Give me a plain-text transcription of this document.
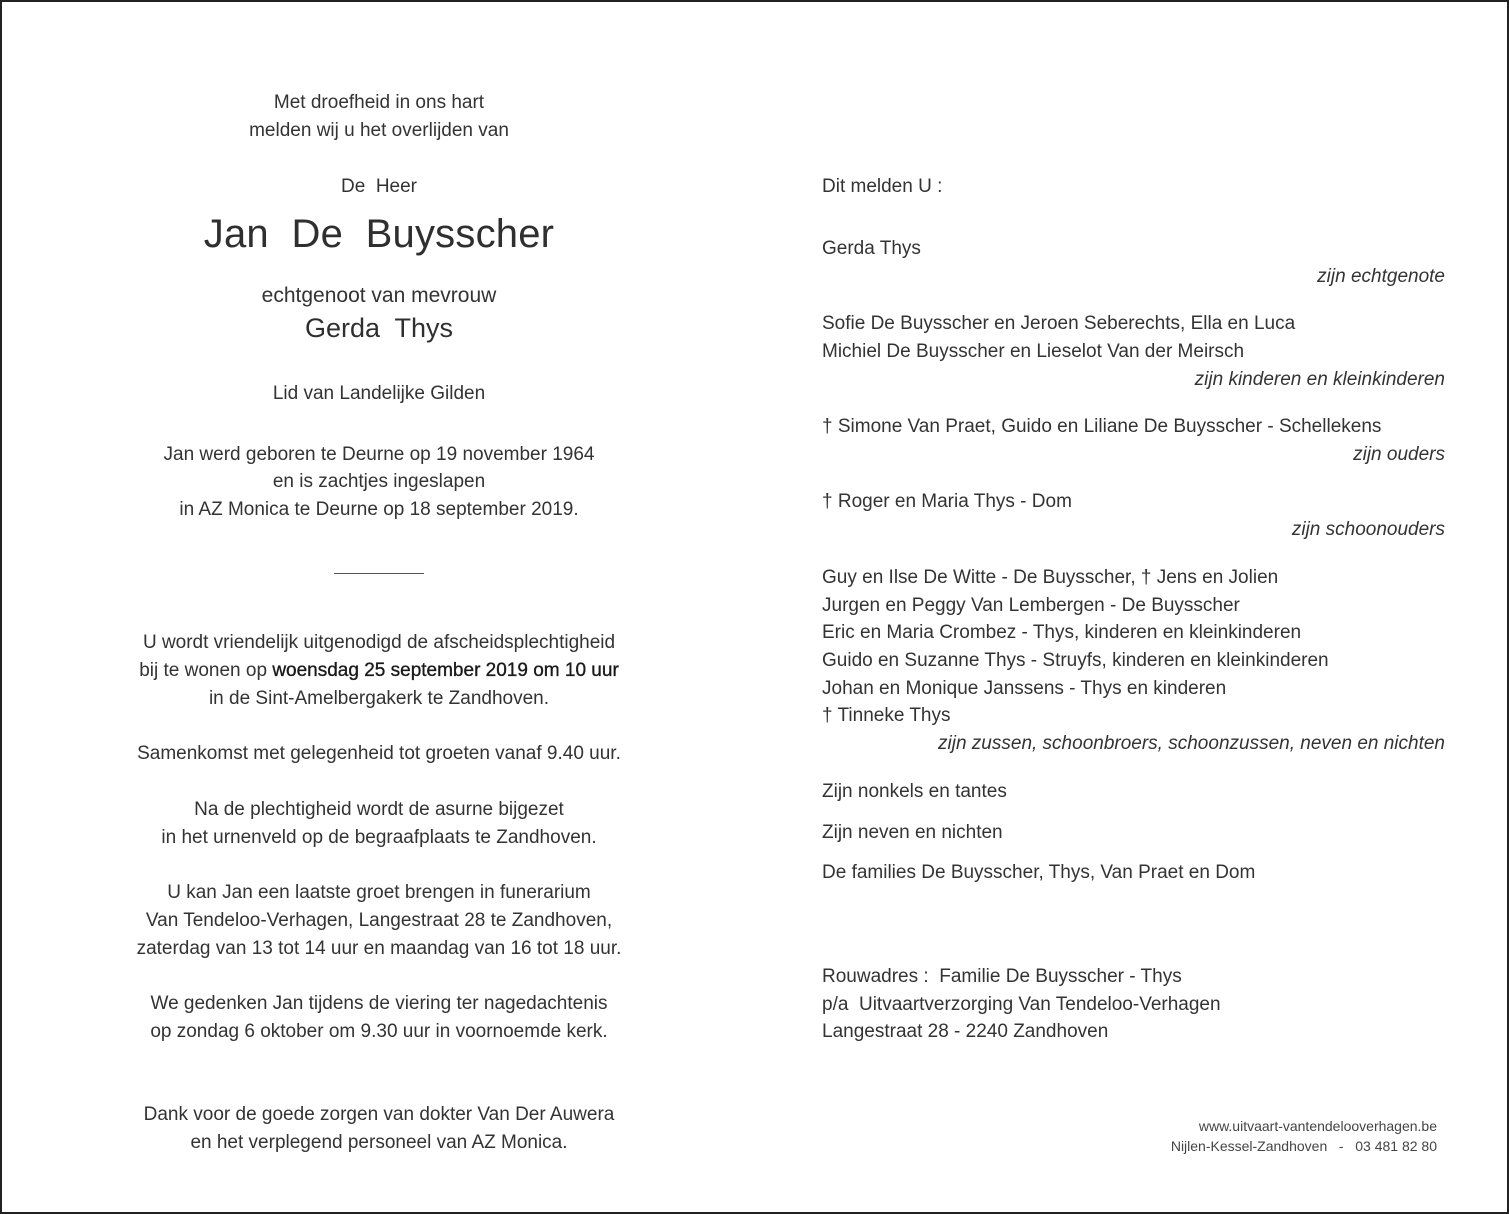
Met droefheid in ons hart
melden wij u het overlijden van
De  Heer
Jan  De  Buysscher
echtgenoot van mevrouw
Gerda  Thys
Lid van Landelijke Gilden
Jan werd geboren te Deurne op 19 november 1964
en is zachtjes ingeslapen
in AZ Monica te Deurne op 18 september 2019.
U wordt vriendelijk uitgenodigd de afscheidsplechtigheid
bij te wonen op woensdag 25 september 2019 om 10 uur
in de Sint-Amelbergakerk te Zandhoven.
Samenkomst met gelegenheid tot groeten vanaf 9.40 uur.
Na de plechtigheid wordt de asurne bijgezet
in het urnenveld op de begraafplaats te Zandhoven.
U kan Jan een laatste groet brengen in funerarium
Van Tendeloo-Verhagen, Langestraat 28 te Zandhoven,
zaterdag van 13 tot 14 uur en maandag van 16 tot 18 uur.
We gedenken Jan tijdens de viering ter nagedachtenis
op zondag 6 oktober om 9.30 uur in voornoemde kerk.
Dank voor de goede zorgen van dokter Van Der Auwera
en het verplegend personeel van AZ Monica.
Dit melden U :
Gerda Thys
zijn echtgenote
Sofie De Buysscher en Jeroen Seberechts, Ella en Luca
Michiel De Buysscher en Lieselot Van der Meirsch
zijn kinderen en kleinkinderen
† Simone Van Praet, Guido en Liliane De Buysscher - Schellekens
zijn ouders
† Roger en Maria Thys - Dom
zijn schoonouders
Guy en Ilse De Witte - De Buysscher, † Jens en Jolien
Jurgen en Peggy Van Lembergen - De Buysscher
Eric en Maria Crombez - Thys, kinderen en kleinkinderen
Guido en Suzanne Thys - Struyfs, kinderen en kleinkinderen
Johan en Monique Janssens - Thys en kinderen
† Tinneke Thys
zijn zussen, schoonbroers, schoonzussen, neven en nichten
Zijn nonkels en tantes
Zijn neven en nichten
De families De Buysscher, Thys, Van Praet en Dom
Rouwadres :  Familie De Buysscher - Thys
p/a  Uitvaartverzorging Van Tendeloo-Verhagen
Langestraat 28 - 2240 Zandhoven
www.uitvaart-vantendelooverhagen.be
Nijlen-Kessel-Zandhoven   -   03 481 82 80
